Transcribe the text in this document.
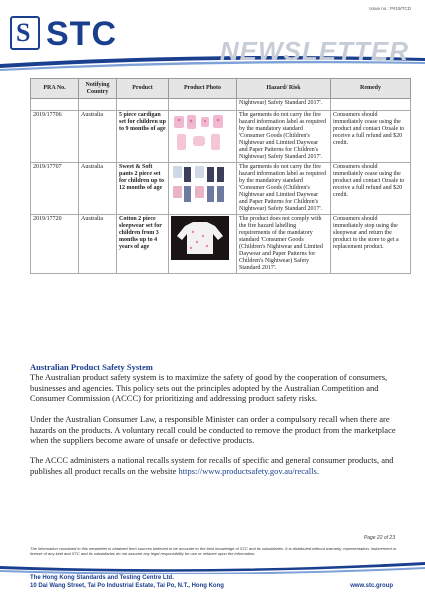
Issue no.: P#19/TCD
S STC	NEWSLETTER
PRA No.	Notifying Country	Product	Product Photo	Hazard/ Risk	Remedy
				Nightwear) Safety Standard 2017'.	
2019/17706	Australia	5 piece cardigan set for children up to 9 months of age		The garments do not carry the fire hazard information label as required by the mandatory standard 'Consumer Goods (Children's Nightwear and Limited Daywear and Paper Patterns for Children's Nightwear) Safety Standard 2017'.	Consumers should immediately cease using the product and contact Ozsale to receive a full refund and $20 credit.
2019/17707	Australia	Sweet & Soft pants 2 piece set for children up to 12 months of age		The garments do not carry the fire hazard information label as required by the mandatory standard 'Consumer Goods (Children's Nightwear and Limited Daywear and Paper Patterns for Children's Nightwear) Safety Standard 2017'.	Consumers should immediately cease using the product and contact Ozsale to receive a full refund and $20 credit.
2019/17720	Australia	Cotton 2 piece sleepwear set for children from 3 months up to 4 years of age		The product does not comply with the fire hazard labelling requirements of the mandatory standard 'Consumer Goods (Children's Nightwear and Limited Daywear and Paper Patterns for Children's Nightwear) Safety Standard 2017'.	Consumers should immediately stop using the sleepwear and return the product to the store to get a replacement product.
Australian Product Safety System
The Australian product safety system is to maximize the safety of good by the cooperation of consumers, businesses and agencies. This policy sets out the principles adopted by the Australian Competition and Consumer Commission (ACCC) for prioritizing and addressing product safety risks.
Under the Australian Consumer Law, a responsible Minister can order a compulsory recall when there are hazards on the products. A voluntary recall could be conducted to remove the product from the marketplace when the suppliers become aware of unsafe or defective products.
The ACCC administers a national recalls system for recalls of specific and general consumer products, and publishes all product recalls on the website https://www.productsafety.gov.au/recalls.
Page 22 of 23
The information contained in this newsletter is obtained from sources believed to be accurate to the best knowledge of STC and its subsidiaries. It is distributed without warranty, representation, inducement or license of any kind and STC and its subsidiaries do not assume any legal responsibility for use or reliance upon the information.
The Hong Kong Standards and Testing Centre Ltd.
10 Dai Wang Street, Tai Po Industrial Estate, Tai Po, N.T., Hong Kong	www.stc.group
